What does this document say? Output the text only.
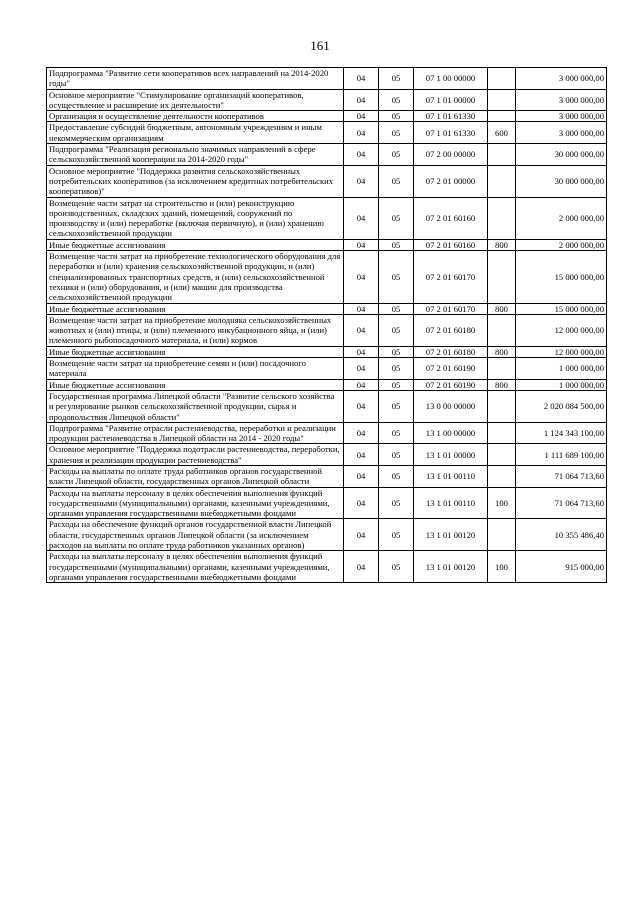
161
Подпрограмма "Развитие сети кооперативов всех направлений на 2014-2020 годы"	04	05	07 1 00 00000		3 000 000,00
Основное мероприятие "Стимулирование организаций кооперативов, осуществление и расширение их деятельности"	04	05	07 1 01 00000		3 000 000,00
Организация и осуществление деятельности кооперативов	04	05	07 1 01 61330		3 000 000,00
Предоставление субсидий бюджетным, автономным учреждениям и иным некоммерческим организациям	04	05	07 1 01 61330	600	3 000 000,00
Подпрограмма "Реализация регионально значимых направлений в сфере сельскохозяйственной кооперации на 2014-2020 годы"	04	05	07 2 00 00000		30 000 000,00
Основное мероприятие "Поддержка развития сельскохозяйственных потребительских кооперативов (за исключением кредитных потребительских кооперативов)"	04	05	07 2 01 00000		30 000 000,00
Возмещение части затрат на строительство и (или) реконструкцию производственных, складских зданий, помещений, сооружений по производству и (или) переработке (включая первичную), и (или) хранению сельскохозяйственной продукции	04	05	07 2 01 60160		2 000 000,00
Иные бюджетные ассигнования	04	05	07 2 01 60160	800	2 000 000,00
Возмещение части затрат на приобретение технологического оборудования для переработки и (или) хранения сельскохозяйственной продукции, и (или) специализированных транспортных средств, и (или) сельскохозяйственной техники и (или) оборудования, и (или) машин для производства сельскохозяйственной продукции	04	05	07 2 01 60170		15 000 000,00
Иные бюджетные ассигнования	04	05	07 2 01 60170	800	15 000 000,00
Возмещение части затрат на приобретение молодняка сельскохозяйственных животных и (или) птицы, и (или) племенного инкубационного яйца, и (или) племенного рыбопосадочного материала, и (или) кормов	04	05	07 2 01 60180		12 000 000,00
Иные бюджетные ассигнования	04	05	07 2 01 60180	800	12 000 000,00
Возмещение части затрат на приобретение семян и (или) посадочного материала	04	05	07 2 01 60190		1 000 000,00
Иные бюджетные ассигнования	04	05	07 2 01 60190	800	1 000 000,00
Государственная программа Липецкой области "Развитие сельского хозяйства и регулирование рынков сельскохозяйственной продукции, сырья и продовольствия Липецкой области"	04	05	13 0 00 00000		2 020 084 500,00
Подпрограмма "Развитие отрасли растениеводства, переработки и реализации продукции растениеводства в Липецкой области на 2014 - 2020 годы"	04	05	13 1 00 00000		1 124 343 100,00
Основное мероприятие "Поддержка подотрасли растениеводства, переработки, хранения и реализации продукции растениеводства"	04	05	13 1 01 00000		1 111 689 100,00
Расходы на выплаты по оплате труда работников органов государственной власти Липецкой области, государственных органов Липецкой области	04	05	13 1 01 00110		71 064 713,60
Расходы на выплаты персоналу в целях обеспечения выполнения функций государственными (муниципальными) органами, казенными учреждениями, органами управления государственными внебюджетными фондами	04	05	13 1 01 00110	100	71 064 713,60
Расходы на обеспечение функций органов государственной власти Липецкой области, государственных органов Липецкой области (за исключением расходов на выплаты по оплате труда работников указанных органов)	04	05	13 1 01 00120		10 355 486,40
Расходы на выплаты персоналу в целях обеспечения выполнения функций государственными (муниципальными) органами, казенными учреждениями, органами управления государственными внебюджетными фондами	04	05	13 1 01 00120	100	915 000,00
